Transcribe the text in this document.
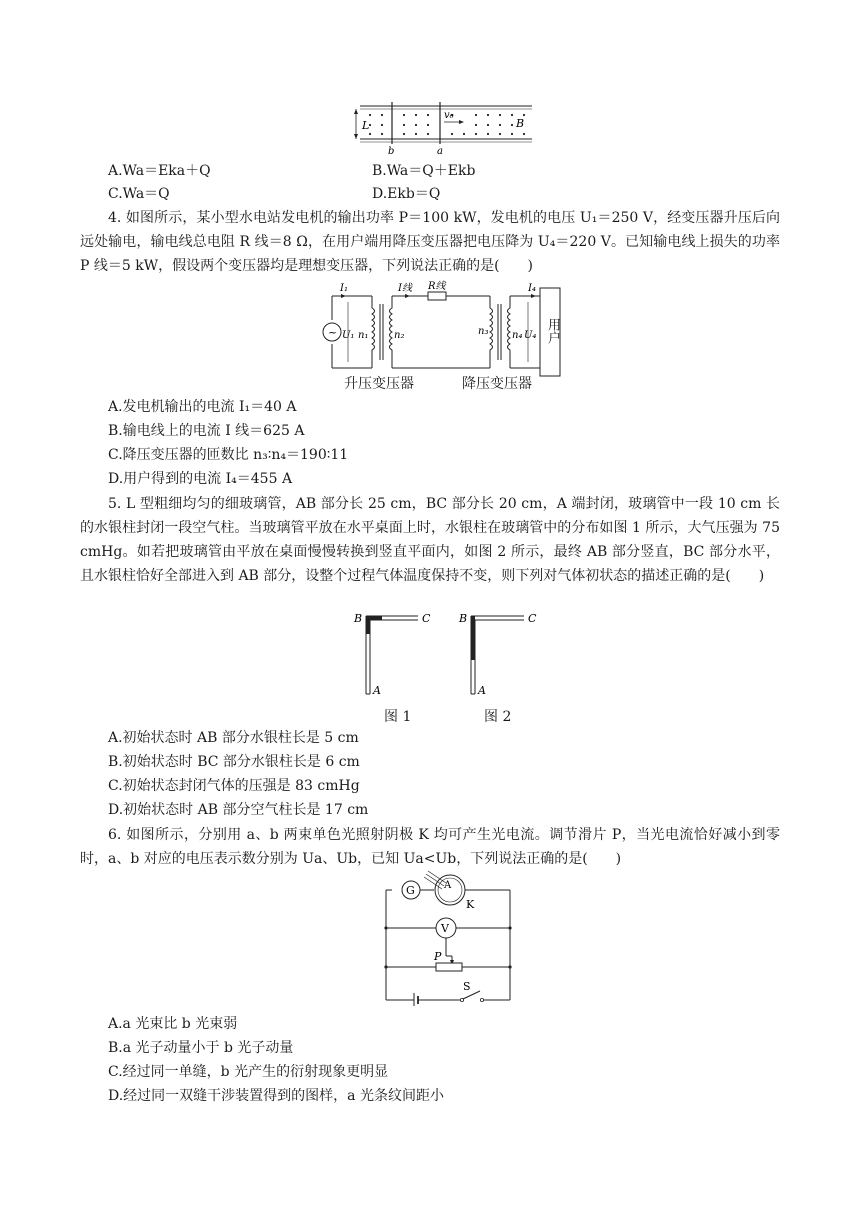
L
v₀
B
b	a
A.Wa＝Eka＋Q	B.Wa＝Q＋Ekb
C.Wa＝Q	D.Ekb＝Q
4. 如图所示，某小型水电站发电机的输出功率 P＝100 kW，发电机的电压 U₁＝250 V，经变压器升压后向远处输电，输电线总电阻 R 线＝8 Ω，在用户端用降压变压器把电压降为 U₄＝220 V。已知输电线上损失的功率 P 线＝5 kW，假设两个变压器均是理想变压器，下列说法正确的是(　　)
~
I₁
U₁ n₁	n₂
I线 R线
n₃ n₄
I₄
U₄ 用户
升压变压器	降压变压器
A.发电机输出的电流 I₁＝40 A
B.输电线上的电流 I 线＝625 A
C.降压变压器的匝数比 n₃∶n₄＝190∶11
D.用户得到的电流 I₄＝455 A
5. L 型粗细均匀的细玻璃管，AB 部分长 25 cm，BC 部分长 20 cm，A 端封闭，玻璃管中一段 10 cm 长的水银柱封闭一段空气柱。当玻璃管平放在水平桌面上时，水银柱在玻璃管中的分布如图 1 所示，大气压强为 75 cmHg。如若把玻璃管由平放在桌面慢慢转换到竖直平面内，如图 2 所示，最终 AB 部分竖直，BC 部分水平，且水银柱恰好全部进入到 AB 部分，设整个过程气体温度保持不变，则下列对气体初状态的描述正确的是(　　)
B	C
A
B	C
A
图 1	图 2
A.初始状态时 AB 部分水银柱长是 5 cm
B.初始状态时 BC 部分水银柱长是 6 cm
C.初始状态封闭气体的压强是 83 cmHg
D.初始状态时 AB 部分空气柱长是 17 cm
6. 如图所示，分别用 a、b 两束单色光照射阴极 K 均可产生光电流。调节滑片 P，当光电流恰好减小到零时，a、b 对应的电压表示数分别为 Ua、Ub，已知 Ua<Ub，下列说法正确的是(　　)
G	A
K
V
P
S
A.a 光束比 b 光束弱
B.a 光子动量小于 b 光子动量
C.经过同一单缝，b 光产生的衍射现象更明显
D.经过同一双缝干涉装置得到的图样，a 光条纹间距小
